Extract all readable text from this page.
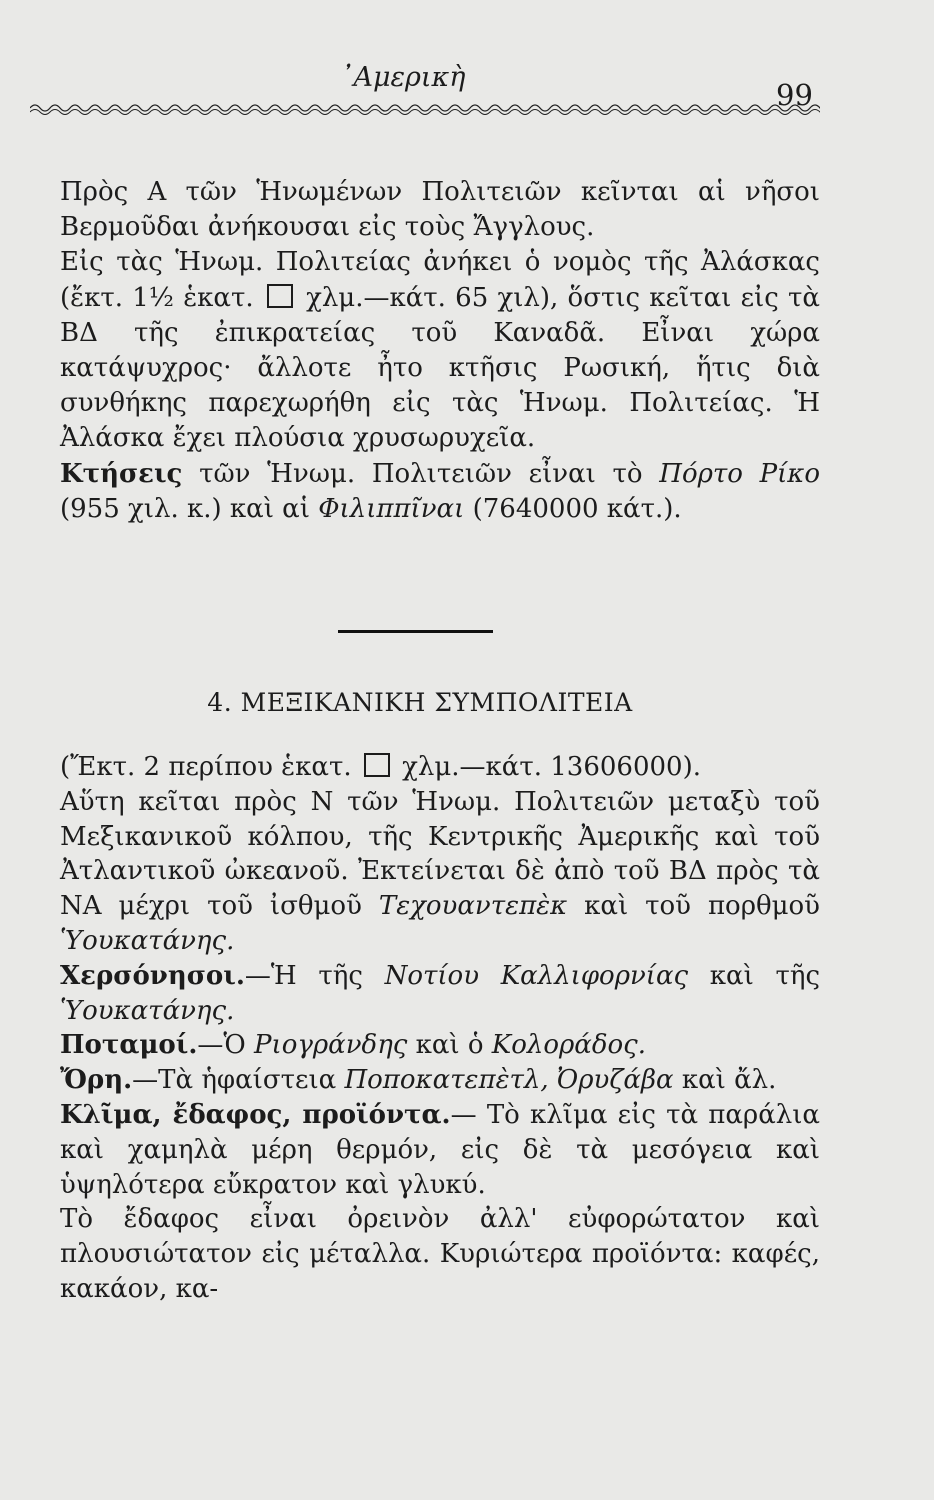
᾿Αμερικὴ
99

Πρὸς Α τῶν Ἡνωμένων Πολιτειῶν κεῖνται αἱ νῆσοι Βερμοῦδαι ἀνήκουσαι εἰς τοὺς Ἄγγλους.

Εἰς τὰς Ἡνωμ. Πολιτείας ἀνήκει ὁ νομὸς τῆς Ἀλάσκας (ἔκτ. 1½ ἑκατ. χλμ.—κάτ. 65 χιλ), ὅστις κεῖται εἰς τὰ ΒΔ τῆς ἐπικρατείας τοῦ Καναδᾶ. Εἶναι χώρα κατάψυχρος· ἄλλοτε ἦτο κτῆσις Ρωσική, ἥτις διὰ συνθήκης παρεχωρήθη εἰς τὰς Ἡνωμ. Πολιτείας. Ἡ Ἀλάσκα ἔχει πλούσια χρυσωρυχεῖα.

Κτήσεις τῶν Ἡνωμ. Πολιτειῶν εἶναι τὸ Πόρτο Ρίκο (955 χιλ. κ.) καὶ αἱ Φιλιππῖναι (7640000 κάτ.).

4. ΜΕΞΙΚΑΝΙΚΗ ΣΥΜΠΟΛΙΤΕΙΑ

(Ἔκτ. 2 περίπου ἑκατ. χλμ.—κάτ. 13606000).

Αὕτη κεῖται πρὸς Ν τῶν Ἡνωμ. Πολιτειῶν μεταξὺ τοῦ Μεξικανικοῦ κόλπου, τῆς Κεντρικῆς Ἀμερικῆς καὶ τοῦ Ἀτλαντικοῦ ὠκεανοῦ. Ἐκτείνεται δὲ ἀπὸ τοῦ ΒΔ πρὸς τὰ ΝΑ μέχρι τοῦ ἰσθμοῦ Τεχουαντεπὲκ καὶ τοῦ πορθμοῦ Ὑουκατάνης.

Χερσόνησοι.—Ἡ τῆς Νοτίου Καλλιφορνίας καὶ τῆς Ὑουκατάνης.

Ποταμοί.—Ὁ Ριογράνδης καὶ ὁ Κολοράδος.

Ὄρη.—Τὰ ἡφαίστεια Ποποκατεπὲτλ, Ὀρυζάβα καὶ ἄλ.

Κλῖμα, ἔδαφος, προϊόντα.— Τὸ κλῖμα εἰς τὰ παράλια καὶ χαμηλὰ μέρη θερμόν, εἰς δὲ τὰ μεσόγεια καὶ ὑψηλότερα εὔκρατον καὶ γλυκύ.

Τὸ ἔδαφος εἶναι ὀρεινὸν ἀλλ' εὐφορώτατον καὶ πλουσιώτατον εἰς μέταλλα. Κυριώτερα προϊόντα: καφές, κακάον, κα-
